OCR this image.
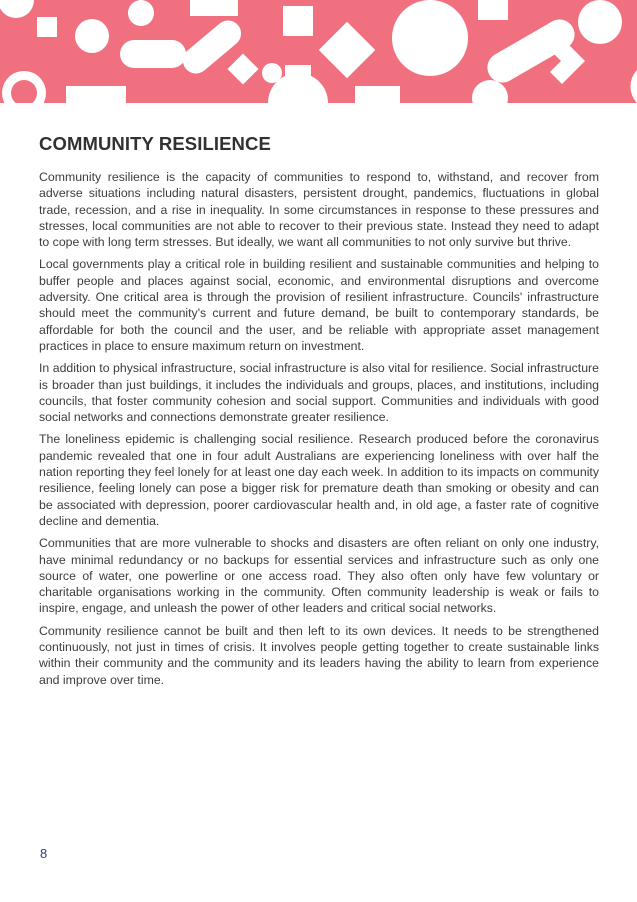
COMMUNITY RESILIENCE

Community resilience is the capacity of communities to respond to, withstand, and recover from adverse situations including natural disasters, persistent drought, pandemics, fluctuations in global trade, recession, and a rise in inequality. In some circumstances in response to these pressures and stresses, local communities are not able to recover to their previous state. Instead they need to adapt to cope with long term stresses. But ideally, we want all communities to not only survive but thrive.

Local governments play a critical role in building resilient and sustainable communities and helping to buffer people and places against social, economic, and environmental disruptions and overcome adversity. One critical area is through the provision of resilient infrastructure. Councils' infrastructure should meet the community's current and future demand, be built to contemporary standards, be affordable for both the council and the user, and be reliable with appropriate asset management practices in place to ensure maximum return on investment.

In addition to physical infrastructure, social infrastructure is also vital for resilience. Social infrastructure is broader than just buildings, it includes the individuals and groups, places, and institutions, including councils, that foster community cohesion and social support. Communities and individuals with good social networks and connections demonstrate greater resilience.

The loneliness epidemic is challenging social resilience. Research produced before the coronavirus pandemic revealed that one in four adult Australians are experiencing loneliness with over half the nation reporting they feel lonely for at least one day each week. In addition to its impacts on community resilience, feeling lonely can pose a bigger risk for premature death than smoking or obesity and can be associated with depression, poorer cardiovascular health and, in old age, a faster rate of cognitive decline and dementia.

Communities that are more vulnerable to shocks and disasters are often reliant on only one industry, have minimal redundancy or no backups for essential services and infrastructure such as only one source of water, one powerline or one access road. They also often only have few voluntary or charitable organisations working in the community. Often community leadership is weak or fails to inspire, engage, and unleash the power of other leaders and critical social networks.

Community resilience cannot be built and then left to its own devices. It needs to be strengthened continuously, not just in times of crisis. It involves people getting together to create sustainable links within their community and the community and its leaders having the ability to learn from experience and improve over time.

8
